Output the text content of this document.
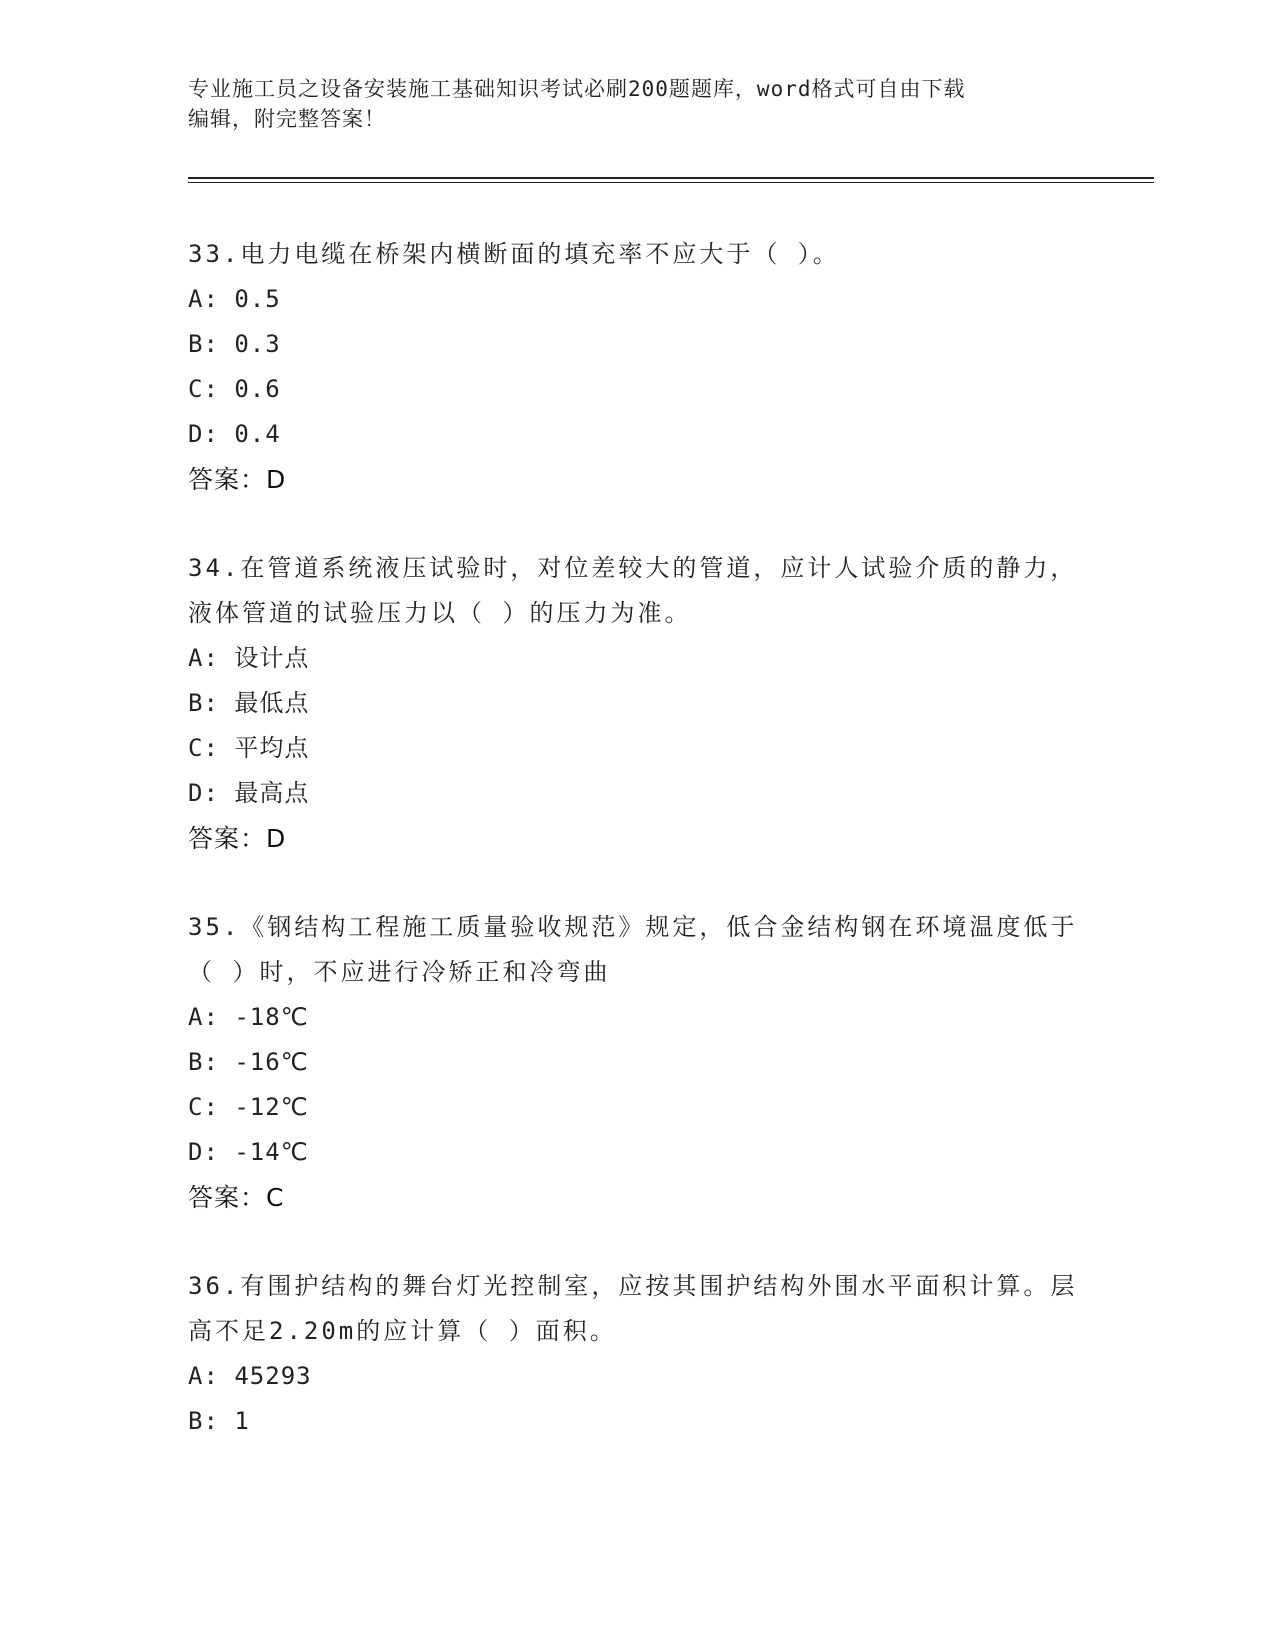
专业施工员之设备安装施工基础知识考试必刷200题题库，word格式可自由下载
编辑，附完整答案！
33.电力电缆在桥架内横断面的填充率不应大于（ ）。
A: 0.5
B: 0.3
C: 0.6
D: 0.4
答案：D
34.在管道系统液压试验时，对位差较大的管道，应计人试验介质的静力，液体管道的试验压力以（ ）的压力为准。
A: 设计点
B: 最低点
C: 平均点
D: 最高点
答案：D
35.《钢结构工程施工质量验收规范》规定，低合金结构钢在环境温度低于（ ）时，不应进行冷矫正和冷弯曲
A: -18℃
B: -16℃
C: -12℃
D: -14℃
答案：C
36.有围护结构的舞台灯光控制室，应按其围护结构外围水平面积计算。层高不足2.20m的应计算（ ）面积。
A: 45293
B: 1
